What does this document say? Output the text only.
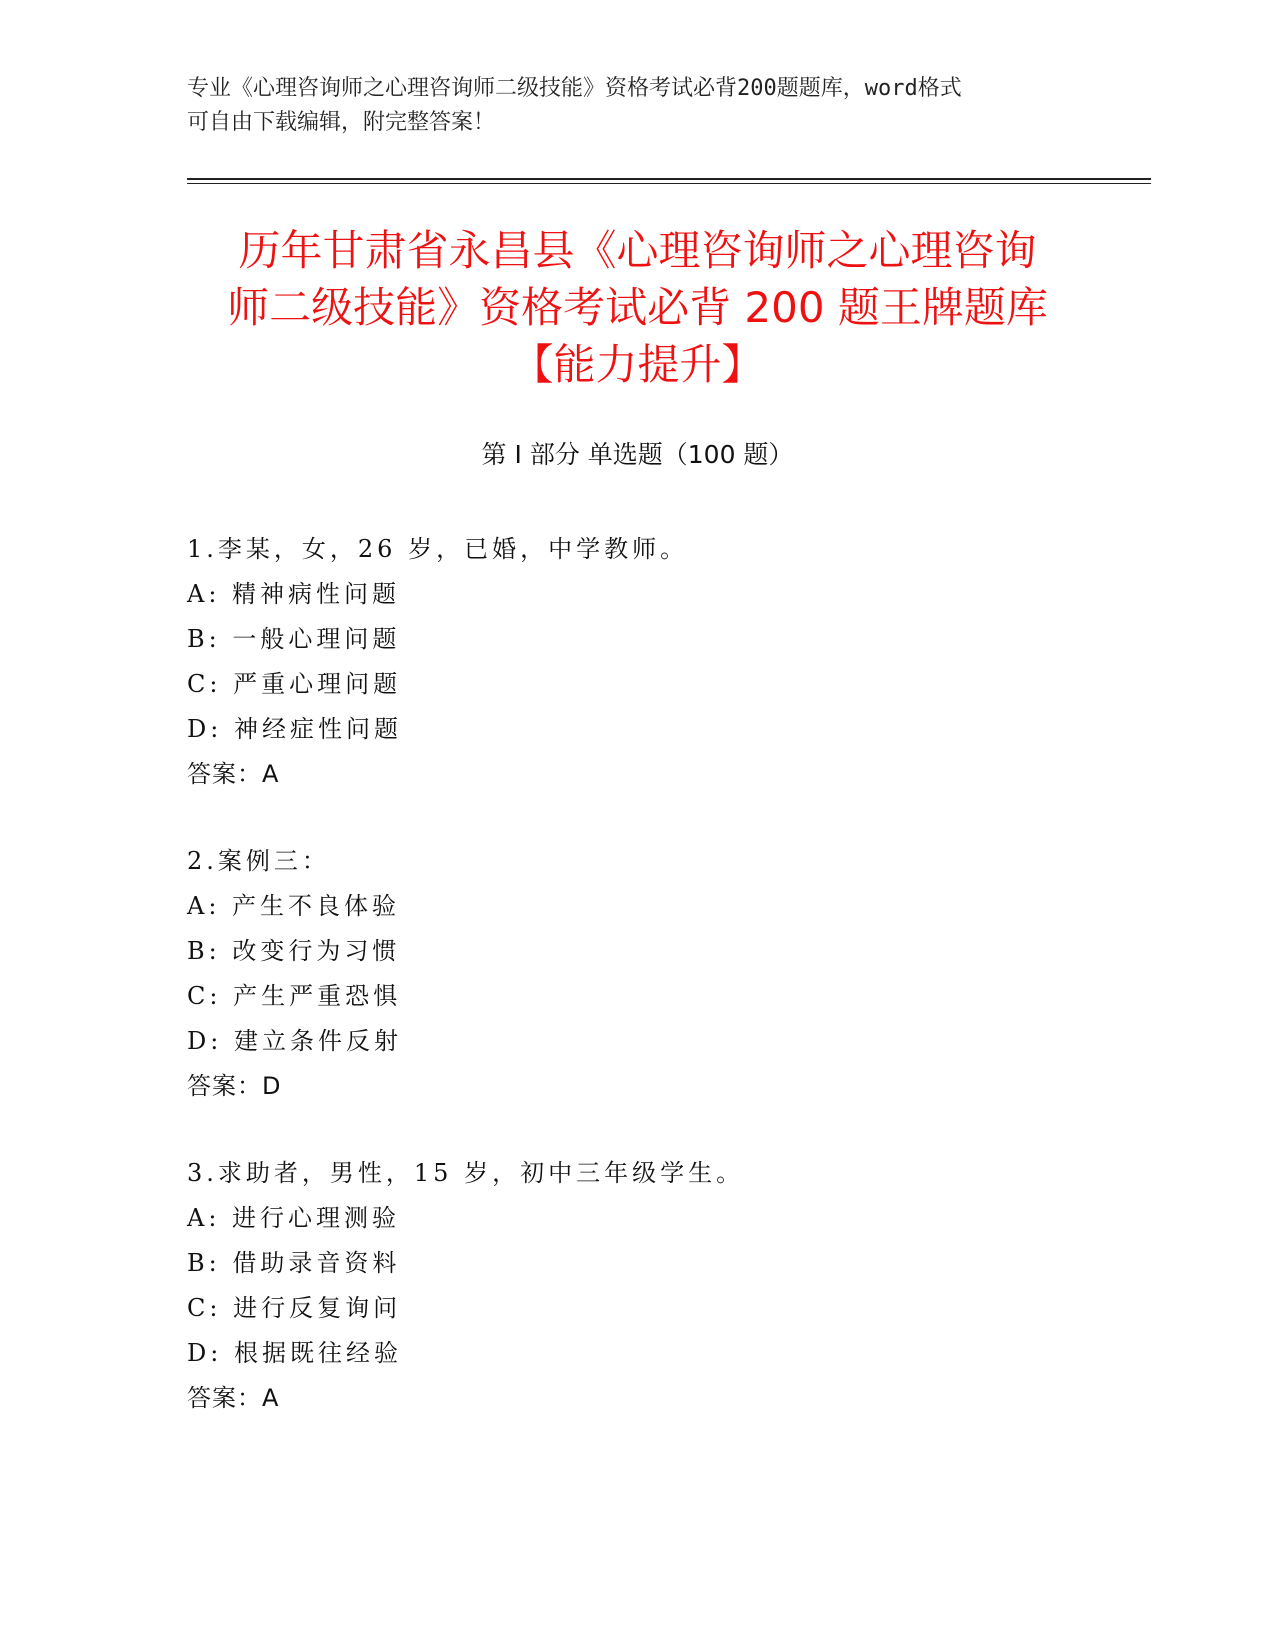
专业《心理咨询师之心理咨询师二级技能》资格考试必背200题题库，word格式
可自由下载编辑，附完整答案！
历年甘肃省永昌县《心理咨询师之心理咨询
师二级技能》资格考试必背 200 题王牌题库
【能力提升】
第 I 部分 单选题（100 题）
1.李某，女，26 岁，已婚，中学教师。
A: 精神病性问题
B: 一般心理问题
C: 严重心理问题
D: 神经症性问题
答案：A
2.案例三：
A: 产生不良体验
B: 改变行为习惯
C: 产生严重恐惧
D: 建立条件反射
答案：D
3.求助者，男性，15 岁，初中三年级学生。
A: 进行心理测验
B: 借助录音资料
C: 进行反复询问
D: 根据既往经验
答案：A
